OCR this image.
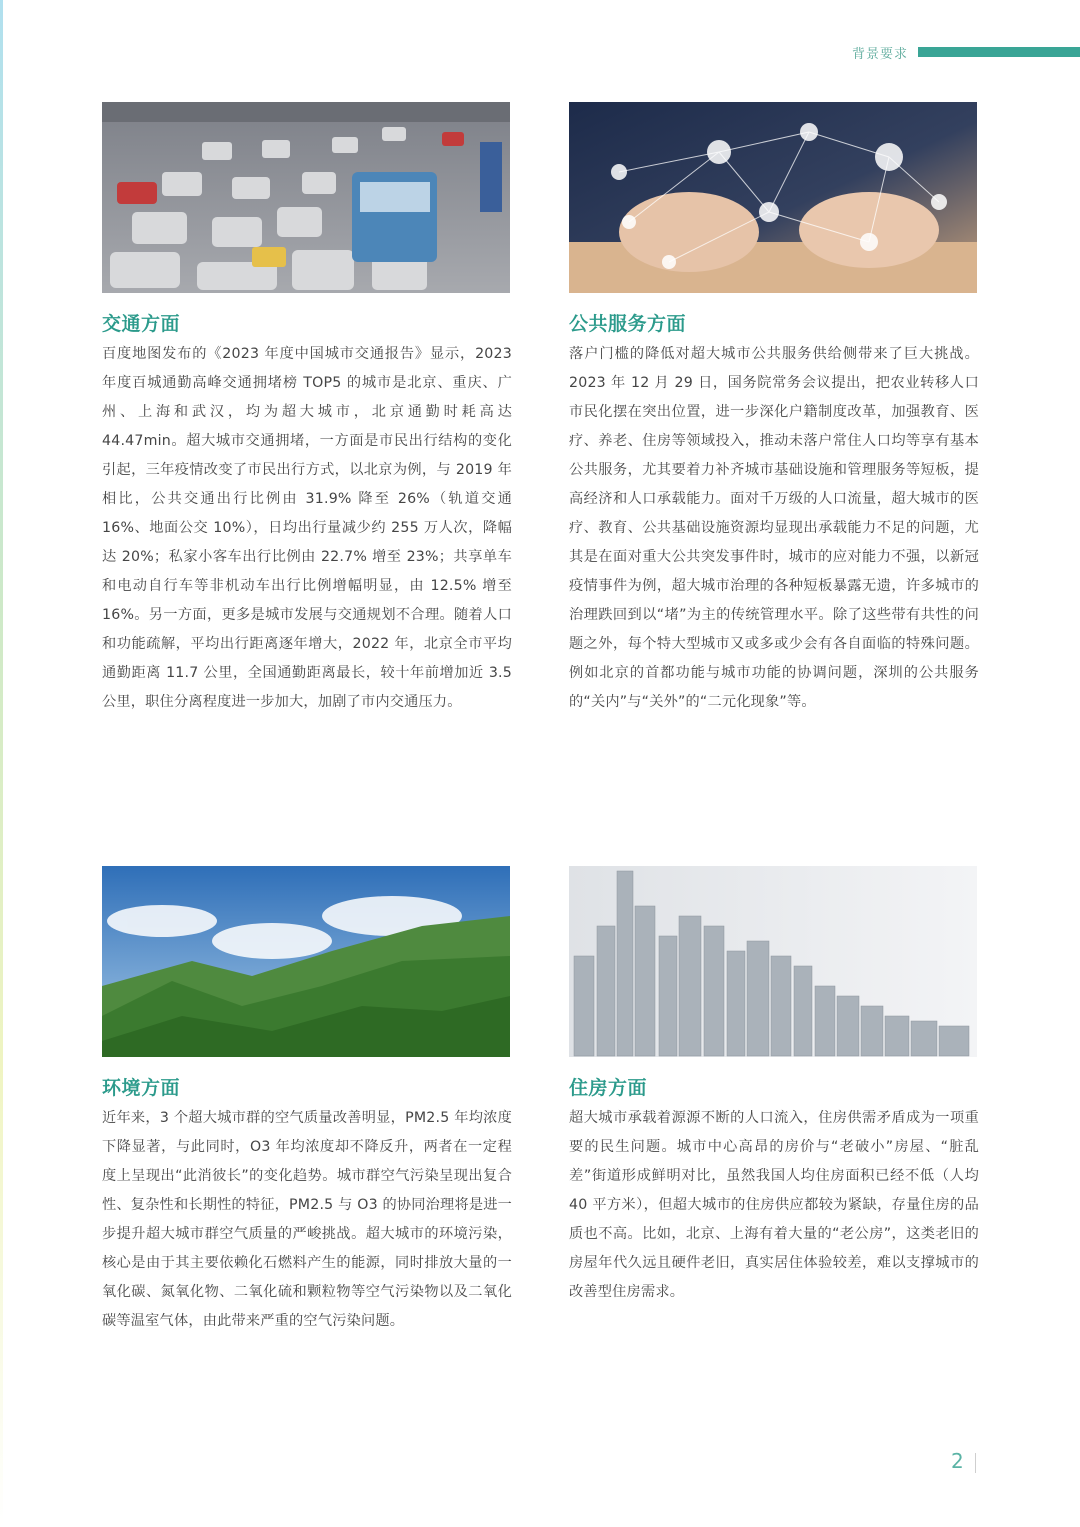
背景要求
交通方面

百度地图发布的《2023 年度中国城市交通报告》显示，2023 年度百城通勤高峰交通拥堵榜 TOP5 的城市是北京、重庆、广州、上海和武汉，均为超大城市，北京通勤时耗高达 44.47min。超大城市交通拥堵，一方面是市民出行结构的变化引起，三年疫情改变了市民出行方式，以北京为例，与 2019 年相比，公共交通出行比例由 31.9% 降至 26%（轨道交通 16%、地面公交 10%），日均出行量减少约 255 万人次，降幅达 20%；私家小客车出行比例由 22.7% 增至 23%；共享单车和电动自行车等非机动车出行比例增幅明显，由 12.5% 增至 16%。另一方面，更多是城市发展与交通规划不合理。随着人口和功能疏解，平均出行距离逐年增大，2022 年，北京全市平均通勤距离 11.7 公里，全国通勤距离最长，较十年前增加近 3.5 公里，职住分离程度进一步加大，加剧了市内交通压力。

公共服务方面

落户门槛的降低对超大城市公共服务供给侧带来了巨大挑战。2023 年 12 月 29 日，国务院常务会议提出，把农业转移人口市民化摆在突出位置，进一步深化户籍制度改革，加强教育、医疗、养老、住房等领域投入，推动未落户常住人口均等享有基本公共服务，尤其要着力补齐城市基础设施和管理服务等短板，提高经济和人口承载能力。面对千万级的人口流量，超大城市的医疗、教育、公共基础设施资源均显现出承载能力不足的问题，尤其是在面对重大公共突发事件时，城市的应对能力不强，以新冠疫情事件为例，超大城市治理的各种短板暴露无遗，许多城市的治理跌回到以“堵”为主的传统管理水平。除了这些带有共性的问题之外，每个特大型城市又或多或少会有各自面临的特殊问题。例如北京的首都功能与城市功能的协调问题，深圳的公共服务的“关内”与“关外”的“二元化现象”等。

环境方面

近年来，3 个超大城市群的空气质量改善明显，PM2.5 年均浓度下降显著，与此同时，O3 年均浓度却不降反升，两者在一定程度上呈现出“此消彼长”的变化趋势。城市群空气污染呈现出复合性、复杂性和长期性的特征，PM2.5 与 O3 的协同治理将是进一步提升超大城市群空气质量的严峻挑战。超大城市的环境污染，核心是由于其主要依赖化石燃料产生的能源，同时排放大量的一氧化碳、氮氧化物、二氧化硫和颗粒物等空气污染物以及二氧化碳等温室气体，由此带来严重的空气污染问题。

住房方面

超大城市承载着源源不断的人口流入，住房供需矛盾成为一项重要的民生问题。城市中心高昂的房价与“老破小”房屋、“脏乱差”街道形成鲜明对比，虽然我国人均住房面积已经不低（人均 40 平方米），但超大城市的住房供应都较为紧缺，存量住房的品质也不高。比如，北京、上海有着大量的“老公房”，这类老旧的房屋年代久远且硬件老旧，真实居住体验较差，难以支撑城市的改善型住房需求。

2
